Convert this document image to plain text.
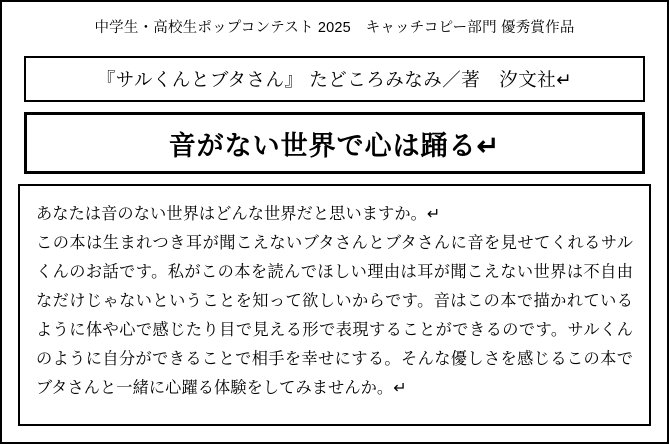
中学生・高校生ポップコンテスト 2025　キャッチコピー部門 優秀賞作品
『サルくんとブタさん』 たどころみなみ／著　汐文社↵
音がない世界で心は踊る↵
あなたは音のない世界はどんな世界だと思いますか。↵
この本は生まれつき耳が聞こえないブタさんとブタさんに音を見せてくれるサルくんのお話です。私がこの本を読んでほしい理由は耳が聞こえない世界は不自由なだけじゃないということを知って欲しいからです。音はこの本で描かれているように体や心で感じたり目で見える形で表現することができるのです。サルくんのように自分ができることで相手を幸せにする。そんな優しさを感じるこの本でブタさんと一緒に心躍る体験をしてみませんか。↵
